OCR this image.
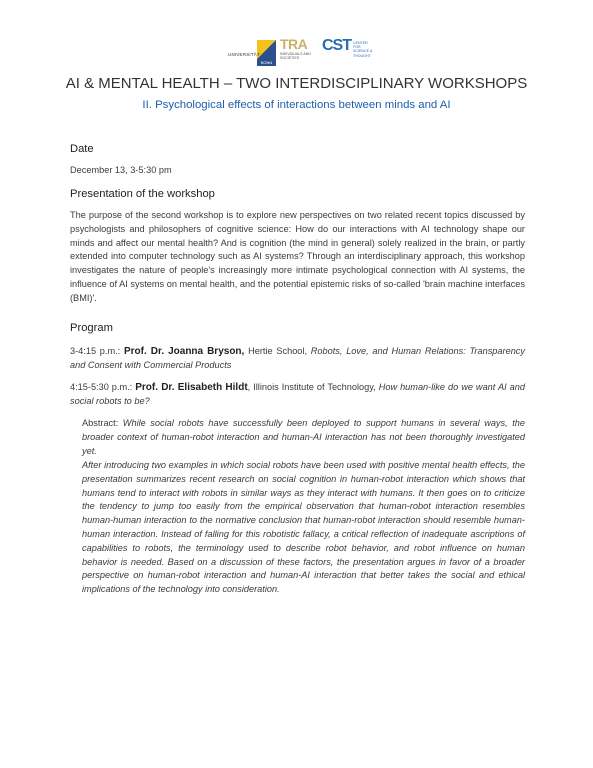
UNIVERSITÄT
BONN
TRA
INDIVIDUALS AND SOCIETIES
CST CENTER FOR SCIENCE & THOUGHT
AI & MENTAL HEALTH – TWO INTERDISCIPLINARY WORKSHOPS
II. Psychological effects of interactions between minds and AI
Date
December 13, 3-5:30 pm
Presentation of the workshop
The purpose of the second workshop is to explore new perspectives on two related recent topics discussed by psychologists and philosophers of cognitive science: How do our interactions with AI technology shape our minds and affect our mental health? And is cognition (the mind in general) solely realized in the brain, or partly extended into computer technology such as AI systems? Through an interdisciplinary approach, this workshop investigates the nature of people's increasingly more intimate psychological connection with AI systems, the influence of AI systems on mental health, and the potential epistemic risks of so-called 'brain machine interfaces (BMI)'.
Program
3-4:15 p.m.: Prof. Dr. Joanna Bryson, Hertie School, Robots, Love, and Human Relations: Transparency and Consent with Commercial Products
4:15-5:30 p.m.: Prof. Dr. Elisabeth Hildt, Illinois Institute of Technology, How human-like do we want AI and social robots to be?
Abstract: While social robots have successfully been deployed to support humans in several ways, the broader context of human-robot interaction and human-AI interaction has not been thoroughly investigated yet.
After introducing two examples in which social robots have been used with positive mental health effects, the presentation summarizes recent research on social cognition in human-robot interaction which shows that humans tend to interact with robots in similar ways as they interact with humans. It then goes on to criticize the tendency to jump too easily from the empirical observation that human-robot interaction resembles human-human interaction to the normative conclusion that human-robot interaction should resemble human-human interaction. Instead of falling for this robotistic fallacy, a critical reflection of inadequate ascriptions of capabilities to robots, the terminology used to describe robot behavior, and robot influence on human behavior is needed. Based on a discussion of these factors, the presentation argues in favor of a broader perspective on human-robot interaction and human-AI interaction that better takes the social and ethical implications of the technology into consideration.
